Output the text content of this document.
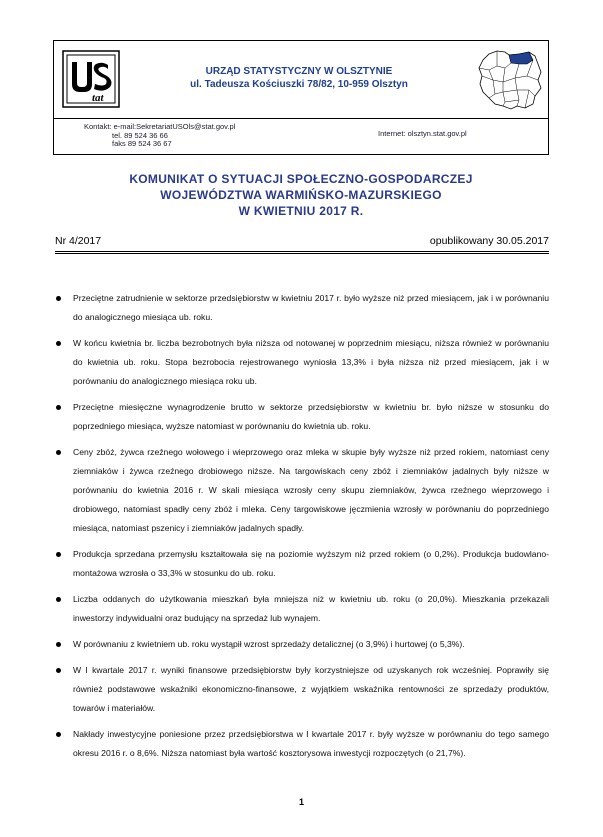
tat
URZĄD STATYSTYCZNY W OLSZTYNIE
ul. Tadeusza Kościuszki 78/82, 10-959 Olsztyn
Kontakt: e-mail:SekretariatUSOls@stat.gov.pl
tel. 89 524 36 66
faks 89 524 36 67
Internet: olsztyn.stat.gov.pl
KOMUNIKAT O SYTUACJI SPOŁECZNO-GOSPODARCZEJ
WOJEWÓDZTWA WARMIŃSKO-MAZURSKIEGO
W KWIETNIU 2017 R.
Nr 4/2017	opublikowany 30.05.2017

Przeciętne zatrudnienie w sektorze przedsiębiorstw w kwietniu 2017 r. było wyższe niż przed miesiącem, jak i w porównaniu do analogicznego miesiąca ub. roku.

W końcu kwietnia br. liczba bezrobotnych była niższa od notowanej w poprzednim miesiącu, niższa również w porównaniu do kwietnia ub. roku. Stopa bezrobocia rejestrowanego wyniosła 13,3% i była niższa niż przed miesiącem, jak i w porównaniu do analogicznego miesiąca roku ub.

Przeciętne miesięczne wynagrodzenie brutto w sektorze przedsiębiorstw w kwietniu br. było niższe w stosunku do poprzedniego miesiąca, wyższe natomiast w porównaniu do kwietnia ub. roku.

Ceny zbóż, żywca rzeźnego wołowego i wieprzowego oraz mleka w skupie były wyższe niż przed rokiem, natomiast ceny ziemniaków i żywca rzeźnego drobiowego niższe. Na targowiskach ceny zbóż i ziemniaków jadalnych były niższe w porównaniu do kwietnia 2016 r. W skali miesiąca wzrosły ceny skupu ziemniaków, żywca rzeźnego wieprzowego i drobiowego, natomiast spadły ceny zbóż i mleka. Ceny targowiskowe jęczmienia wzrosły w porównaniu do poprzedniego miesiąca, natomiast pszenicy i ziemniaków jadalnych spadły.

Produkcja sprzedana przemysłu kształtowała się na poziomie wyższym niż przed rokiem (o 0,2%). Produkcja budowlano-montażowa wzrosła o 33,3% w stosunku do ub. roku.

Liczba oddanych do użytkowania mieszkań była mniejsza niż w kwietniu ub. roku (o 20,0%). Mieszkania przekazali inwestorzy indywidualni oraz budujący na sprzedaż lub wynajem.

W porównaniu z kwietniem ub. roku wystąpił wzrost sprzedaży detalicznej (o 3,9%) i hurtowej (o 5,3%).

W I kwartale 2017 r. wyniki finansowe przedsiębiorstw były korzystniejsze od uzyskanych rok wcześniej. Poprawiły się również podstawowe wskaźniki ekonomiczno-finansowe, z wyjątkiem wskaźnika rentowności ze sprzedaży produktów, towarów i materiałów.

Nakłady inwestycyjne poniesione przez przedsiębiorstwa w I kwartale 2017 r. były wyższe w porównaniu do tego samego okresu 2016 r. o 8,6%. Niższa natomiast była wartość kosztorysowa inwestycji rozpoczętych (o 21,7%).

1
